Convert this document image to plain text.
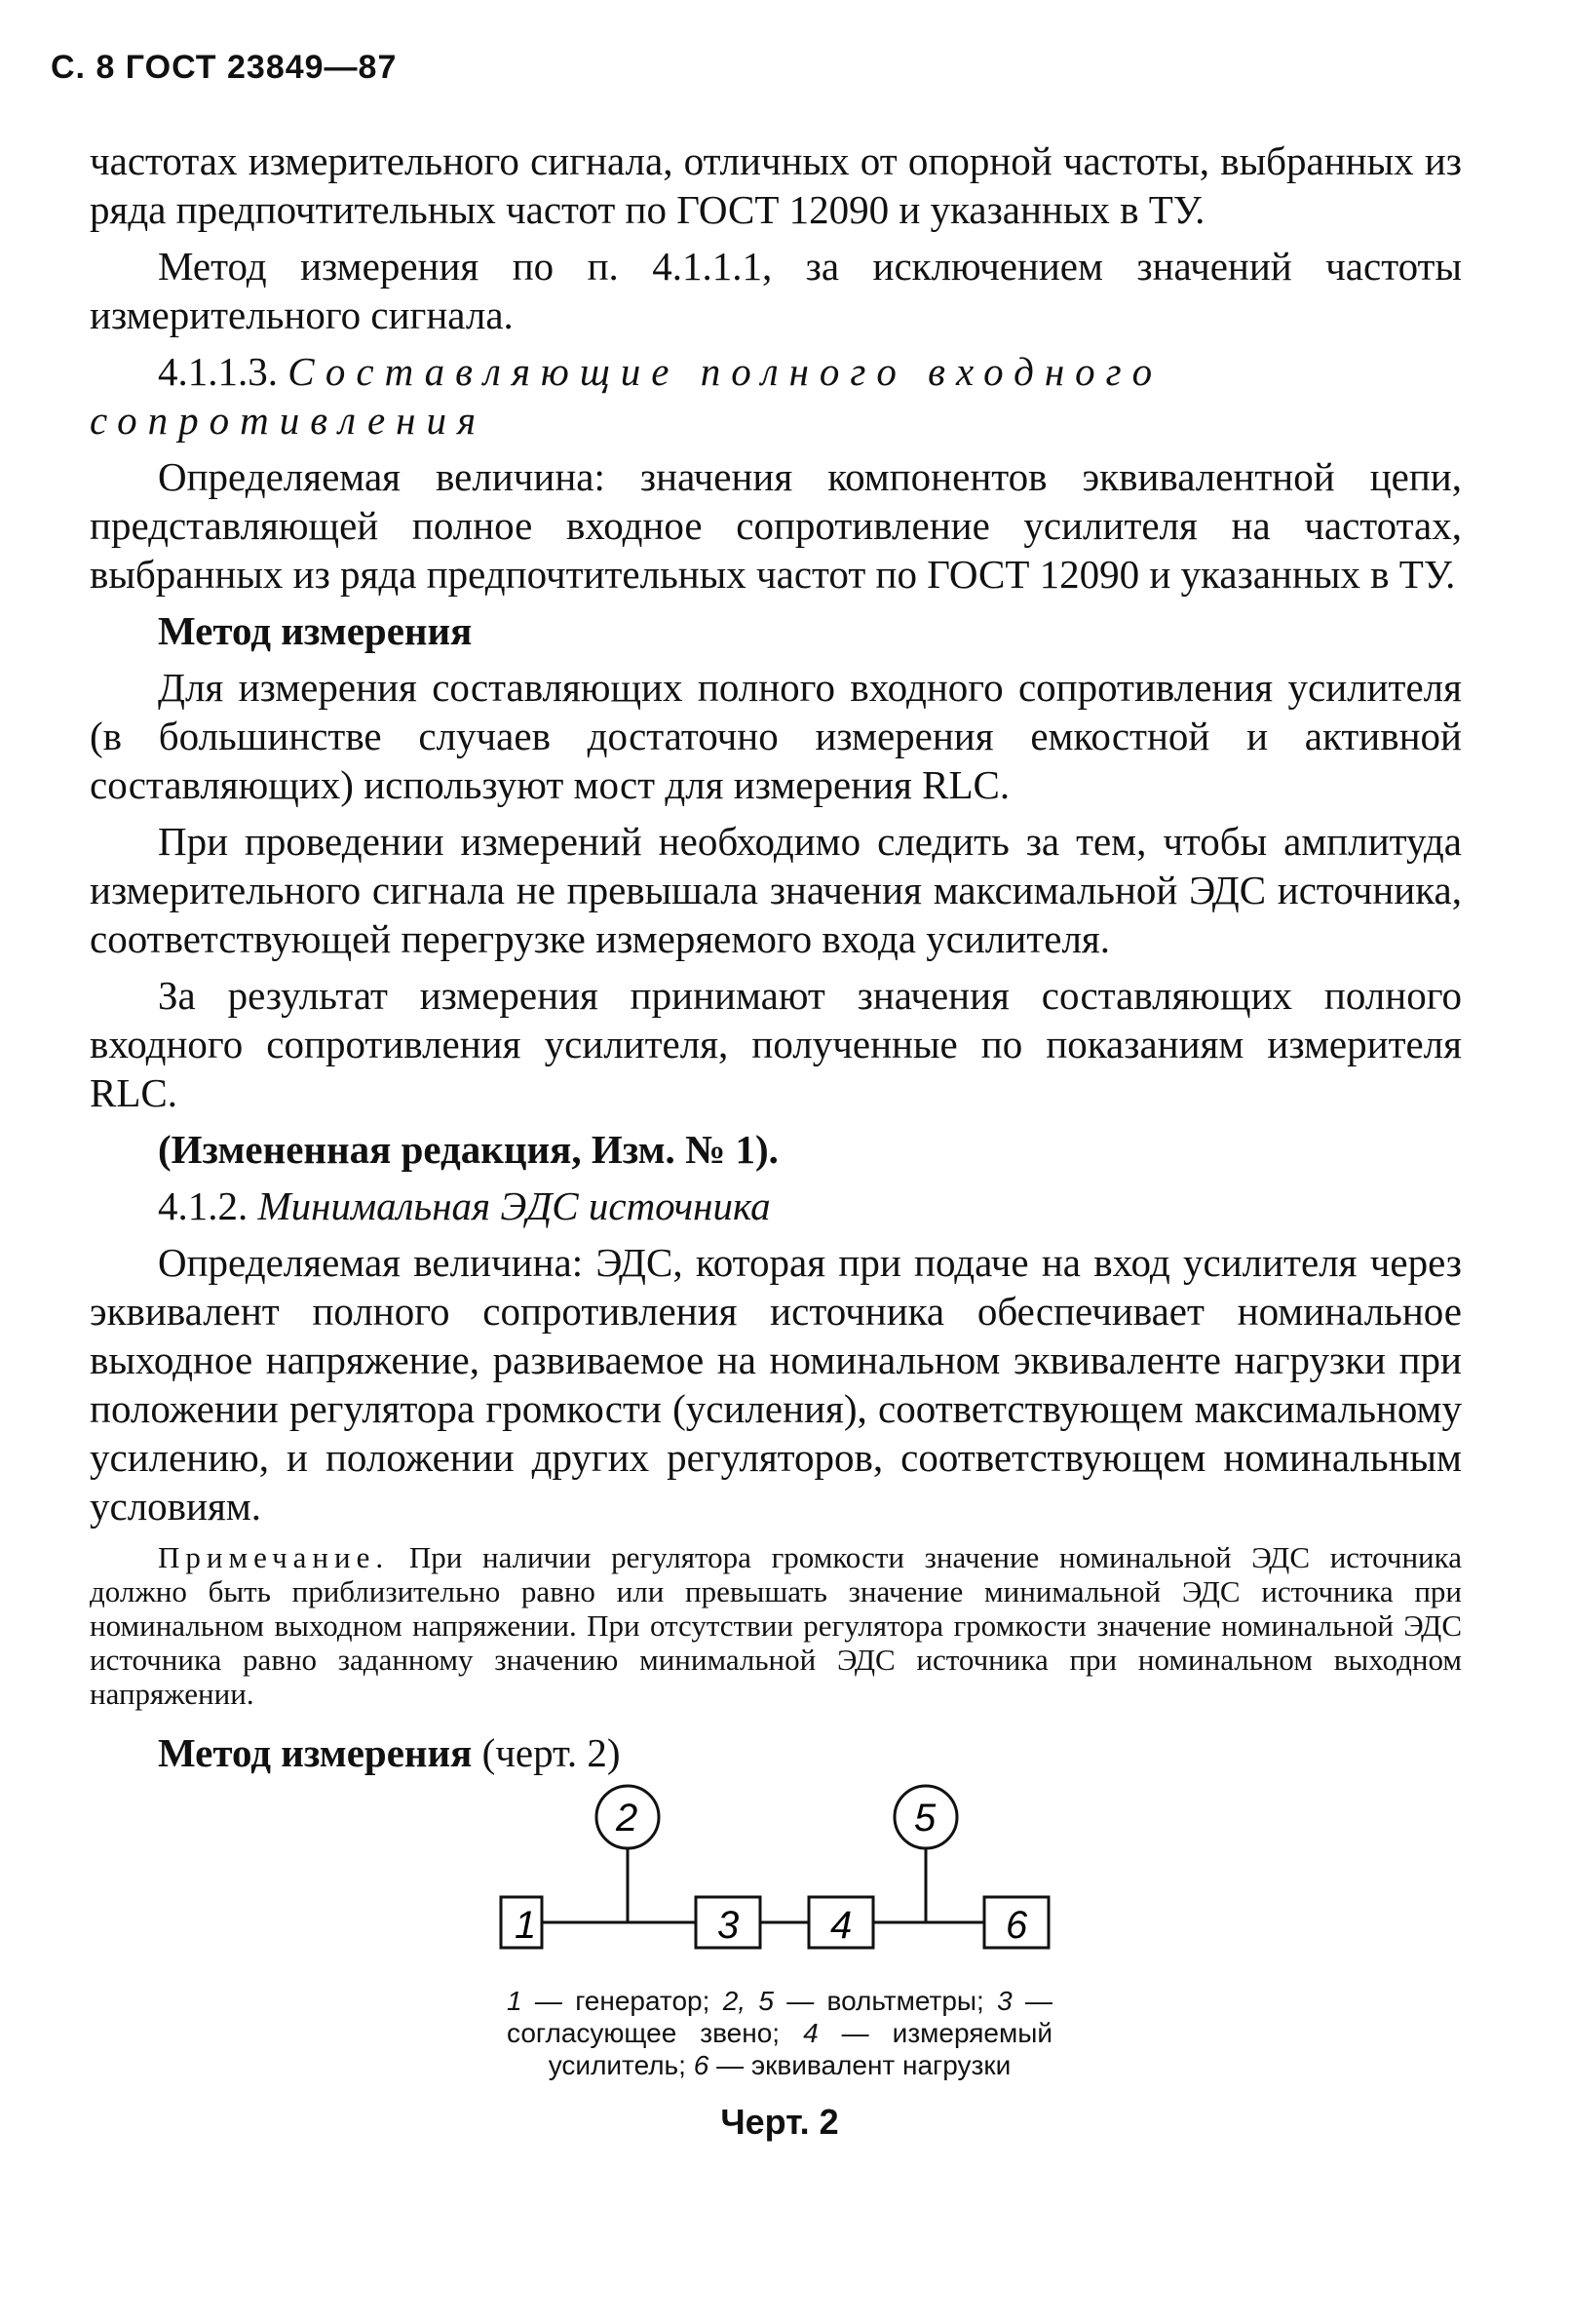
С. 8 ГОСТ 23849—87

частотах измерительного сигнала, отличных от опорной частоты, выбранных из ряда предпочтительных частот по ГОСТ 12090 и указанных в ТУ.

Метод измерения по п. 4.1.1.1, за исключением значений частоты измерительного сигнала.

4.1.1.3. Составляющие полного входного сопротивления

Определяемая величина: значения компонентов эквивалентной цепи, представляющей полное входное сопротивление усилителя на частотах, выбранных из ряда предпочтительных частот по ГОСТ 12090 и указанных в ТУ.

Метод измерения

Для измерения составляющих полного входного сопротивления усилителя (в большинстве случаев достаточно измерения емкостной и активной составляющих) используют мост для измерения RLC.

При проведении измерений необходимо следить за тем, чтобы амплитуда измерительного сигнала не превышала значения максимальной ЭДС источника, соответствующей перегрузке измеряемого входа усилителя.

За результат измерения принимают значения составляющих полного входного сопротивления усилителя, полученные по показаниям измерителя RLC.

(Измененная редакция, Изм. № 1).

4.1.2. Минимальная ЭДС источника

Определяемая величина: ЭДС, которая при подаче на вход усилителя через эквивалент полного сопротивления источника обеспечивает номинальное выходное напряжение, развиваемое на номинальном эквиваленте нагрузки при положении регулятора громкости (усиления), соответствующем максимальному усилению, и положении других регуляторов, соответствующем номинальным условиям.

Примечание. При наличии регулятора громкости значение номинальной ЭДС источника должно быть приблизительно равно или превышать значение минимальной ЭДС источника при номинальном выходном напряжении. При отсутствии регулятора громкости значение номинальной ЭДС источника равно заданному значению минимальной ЭДС источника при номинальном выходном напряжении.

Метод измерения (черт. 2)

1	3 4	6
2	5
1 — генератор; 2, 5 — вольтметры; 3 — согласующее звено; 4 — измеряемый усилитель; 6 — эквивалент нагрузки
Черт. 2
